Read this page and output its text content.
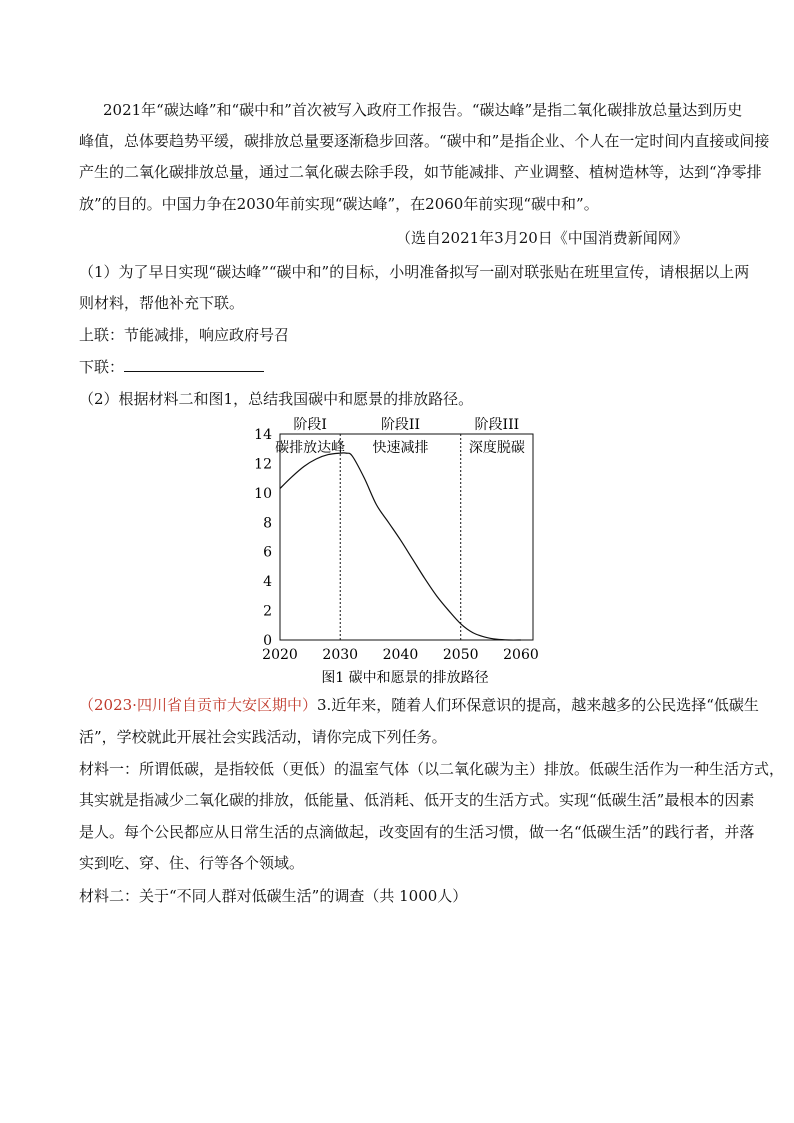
2021年“碳达峰”和“碳中和”首次被写入政府工作报告。“碳达峰”是指二氧化碳排放总量达到历史
峰值，总体要趋势平缓，碳排放总量要逐渐稳步回落。“碳中和”是指企业、个人在一定时间内直接或间接
产生的二氧化碳排放总量，通过二氧化碳去除手段，如节能减排、产业调整、植树造林等，达到“净零排
放”的目的。中国力争在2030年前实现“碳达峰”，在2060年前实现“碳中和”。
（选自2021年3月20日《中国消费新闻网》
（1）为了早日实现“碳达峰”“碳中和”的目标，小明准备拟写一副对联张贴在班里宣传，请根据以上两
则材料，帮他补充下联。
上联：节能减排，响应政府号召
下联：
（2）根据材料二和图1，总结我国碳中和愿景的排放路径。
0
2
4
6
8
10
12
14
2020 2030 2040 2050 2060
阶段I
碳排放达峰
阶段II
快速减排
阶段III
深度脱碳
图1 碳中和愿景的排放路径
（2023·四川省自贡市大安区期中）3.近年来，随着人们环保意识的提高，越来越多的公民选择“低碳生
活”，学校就此开展社会实践活动，请你完成下列任务。
材料一：所谓低碳，是指较低（更低）的温室气体（以二氧化碳为主）排放。低碳生活作为一种生活方式，
其实就是指减少二氧化碳的排放，低能量、低消耗、低开支的生活方式。实现“低碳生活”最根本的因素
是人。每个公民都应从日常生活的点滴做起，改变固有的生活习惯，做一名“低碳生活”的践行者，并落
实到吃、穿、住、行等各个领域。
材料二：关于“不同人群对低碳生活”的调查（共 1000人）
